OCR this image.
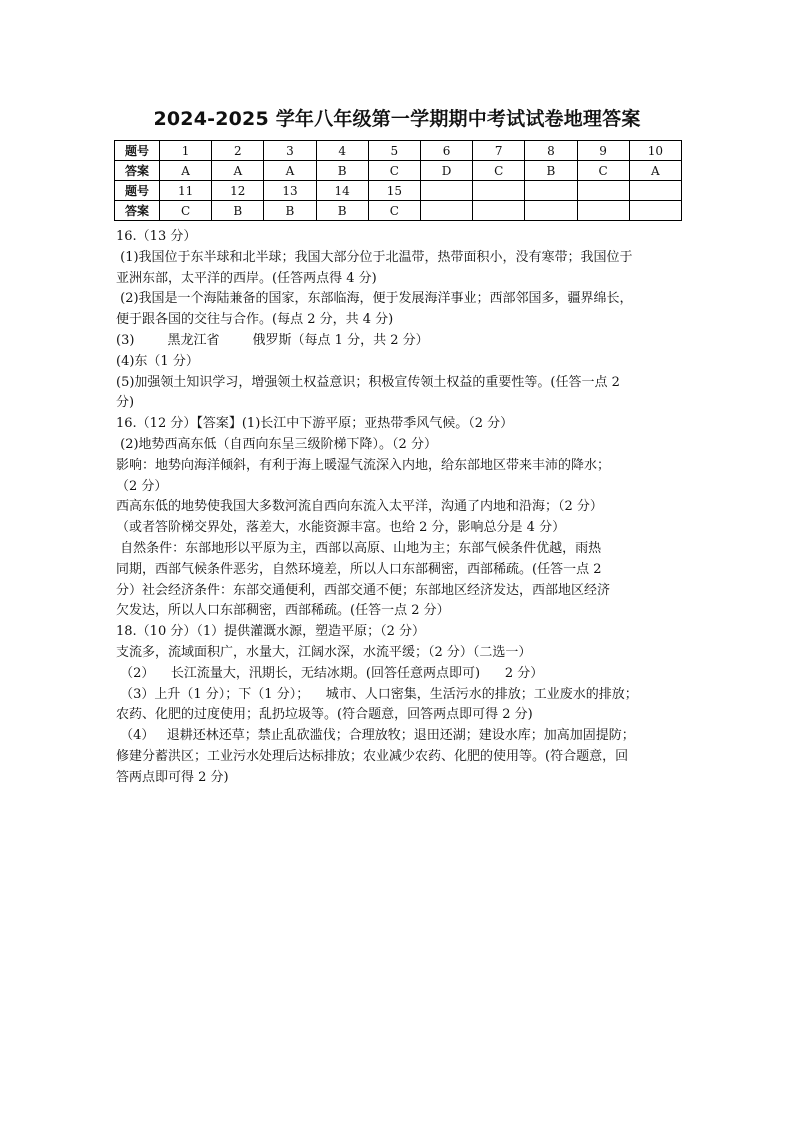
2024-2025 学年八年级第一学期期中考试试卷地理答案
题号	1	2	3	4	5	6	7	8	9	10
答案	A	A	A	B	C	D	C	B	C	A
题号	11	12	13	14	15					
答案	C	B	B	B	C					
16.（13 分）
(1)我国位于东半球和北半球；我国大部分位于北温带，热带面积小，没有寒带；我国位于
亚洲东部，太平洋的西岸。(任答两点得 4 分)
(2)我国是一个海陆兼备的国家，东部临海，便于发展海洋事业；西部邻国多，疆界绵长，
便于跟各国的交往与合作。(每点 2 分，共 4 分)
(3)        黑龙江省        俄罗斯（每点 1 分，共 2 分）
(4)东（1 分）
(5)加强领土知识学习，增强领土权益意识；积极宣传领土权益的重要性等。(任答一点 2
分)
16.（12 分）【答案】(1)长江中下游平原；亚热带季风气候。（2 分）
(2)地势西高东低（自西向东呈三级阶梯下降）。（2 分）
影响：地势向海洋倾斜，有利于海上暖湿气流深入内地，给东部地区带来丰沛的降水；
（2 分）
西高东低的地势使我国大多数河流自西向东流入太平洋，沟通了内地和沿海；（2 分）
（或者答阶梯交界处，落差大，水能资源丰富。也给 2 分，影响总分是 4 分）
自然条件：东部地形以平原为主，西部以高原、山地为主；东部气候条件优越，雨热
同期，西部气候条件恶劣，自然环境差，所以人口东部稠密，西部稀疏。(任答一点 2
分）社会经济条件：东部交通便利，西部交通不便；东部地区经济发达，西部地区经济
欠发达，所以人口东部稠密，西部稀疏。(任答一点 2 分）
18.（10 分）（1）提供灌溉水源，塑造平原；（2 分）
支流多，流域面积广，水量大，江阔水深，水流平缓；（2 分）（二选一）
（2）    长江流量大，汛期长，无结冰期。(回答任意两点即可)      2 分）
（3）上升（1 分）；下（1 分）；    城市、人口密集，生活污水的排放；工业废水的排放；
农药、化肥的过度使用；乱扔垃圾等。(符合题意，回答两点即可得 2 分)
（4）   退耕还林还草；禁止乱砍滥伐；合理放牧；退田还湖；建设水库；加高加固提防；
修建分蓄洪区；工业污水处理后达标排放；农业减少农药、化肥的使用等。(符合题意，回
答两点即可得 2 分)
